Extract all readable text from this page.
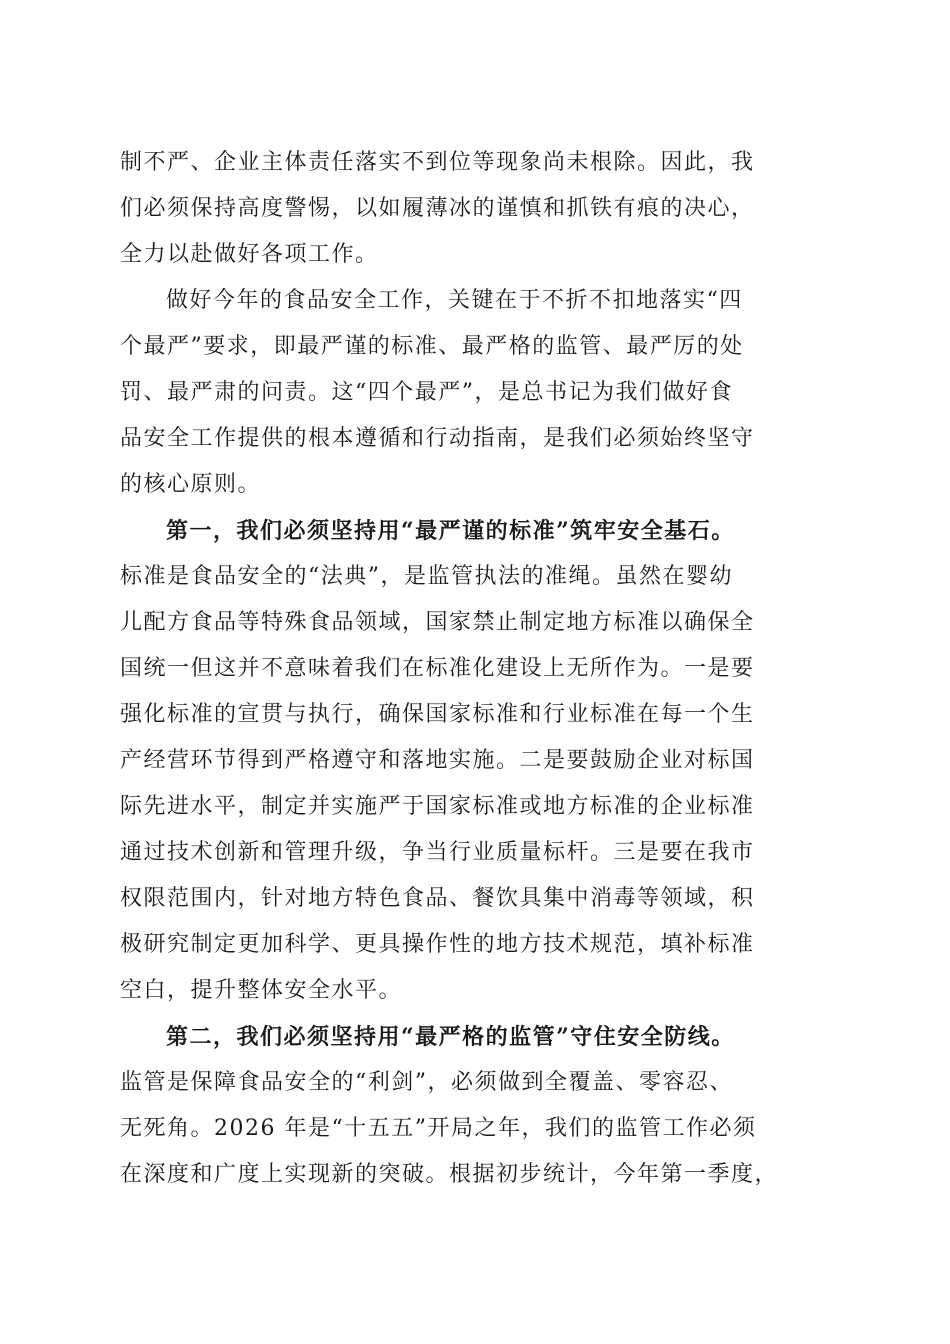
制不严、企业主体责任落实不到位等现象尚未根除。因此，我
们必须保持高度警惕，以如履薄冰的谨慎和抓铁有痕的决心，
全力以赴做好各项工作。
做好今年的食品安全工作，关键在于不折不扣地落实“四
个最严”要求，即最严谨的标准、最严格的监管、最严厉的处
罚、最严肃的问责。这“四个最严”，是总书记为我们做好食
品安全工作提供的根本遵循和行动指南，是我们必须始终坚守
的核心原则。
第一，我们必须坚持用“最严谨的标准”筑牢安全基石。
标准是食品安全的“法典”，是监管执法的准绳。虽然在婴幼
儿配方食品等特殊食品领域，国家禁止制定地方标准以确保全
国统一但这并不意味着我们在标准化建设上无所作为。一是要
强化标准的宣贯与执行，确保国家标准和行业标准在每一个生
产经营环节得到严格遵守和落地实施。二是要鼓励企业对标国
际先进水平，制定并实施严于国家标准或地方标准的企业标准
通过技术创新和管理升级，争当行业质量标杆。三是要在我市
权限范围内，针对地方特色食品、餐饮具集中消毒等领域，积
极研究制定更加科学、更具操作性的地方技术规范，填补标准
空白，提升整体安全水平。
第二，我们必须坚持用“最严格的监管”守住安全防线。
监管是保障食品安全的“利剑”，必须做到全覆盖、零容忍、
无死角。2026 年是“十五五”开局之年，我们的监管工作必须
在深度和广度上实现新的突破。根据初步统计，今年第一季度，
